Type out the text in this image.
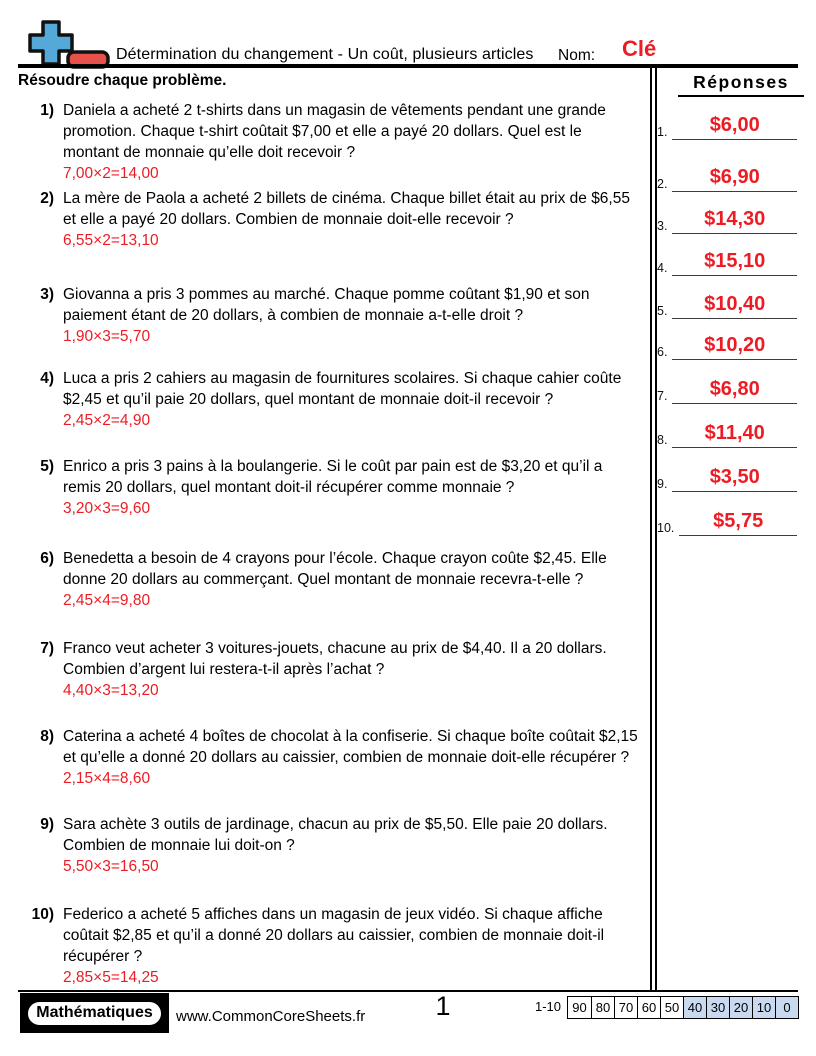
Détermination du changement - Un coût, plusieurs articles Nom: Clé
Résoudre chaque problème.
1) Daniela a acheté 2 t-shirts dans un magasin de vêtements pendant une grande promotion. Chaque t-shirt coûtait $7,00 et elle a payé 20 dollars. Quel est le montant de monnaie qu’elle doit recevoir ?
7,00×2=14,00
2) La mère de Paola a acheté 2 billets de cinéma. Chaque billet était au prix de $6,55 et elle a payé 20 dollars. Combien de monnaie doit-elle recevoir ?
6,55×2=13,10
3) Giovanna a pris 3 pommes au marché. Chaque pomme coûtant $1,90 et son paiement étant de 20 dollars, à combien de monnaie a-t-elle droit ?
1,90×3=5,70
4) Luca a pris 2 cahiers au magasin de fournitures scolaires. Si chaque cahier coûte $2,45 et qu’il paie 20 dollars, quel montant de monnaie doit-il recevoir ?
2,45×2=4,90
5) Enrico a pris 3 pains à la boulangerie. Si le coût par pain est de $3,20 et qu’il a remis 20 dollars, quel montant doit-il récupérer comme monnaie ?
3,20×3=9,60
6) Benedetta a besoin de 4 crayons pour l’école. Chaque crayon coûte $2,45. Elle donne 20 dollars au commerçant. Quel montant de monnaie recevra-t-elle ?
2,45×4=9,80
7) Franco veut acheter 3 voitures-jouets, chacune au prix de $4,40. Il a 20 dollars. Combien d’argent lui restera-t-il après l’achat ?
4,40×3=13,20
8) Caterina a acheté 4 boîtes de chocolat à la confiserie. Si chaque boîte coûtait $2,15 et qu’elle a donné 20 dollars au caissier, combien de monnaie doit-elle récupérer ?
2,15×4=8,60
9) Sara achète 3 outils de jardinage, chacun au prix de $5,50. Elle paie 20 dollars. Combien de monnaie lui doit-on ?
5,50×3=16,50
10) Federico a acheté 5 affiches dans un magasin de jeux vidéo. Si chaque affiche coûtait $2,85 et qu’il a donné 20 dollars au caissier, combien de monnaie doit-il récupérer ?
2,85×5=14,25
Réponses
1.	$6,00
2.	$6,90
3.	$14,30
4.	$15,10
5.	$10,40
6.	$10,20
7.	$6,80
8.	$11,40
9.	$3,50
10.	$5,75
Mathématiques	www.CommonCoreSheets.fr	1	1-10 90 80 70 60 50 40 30 20 10 0
